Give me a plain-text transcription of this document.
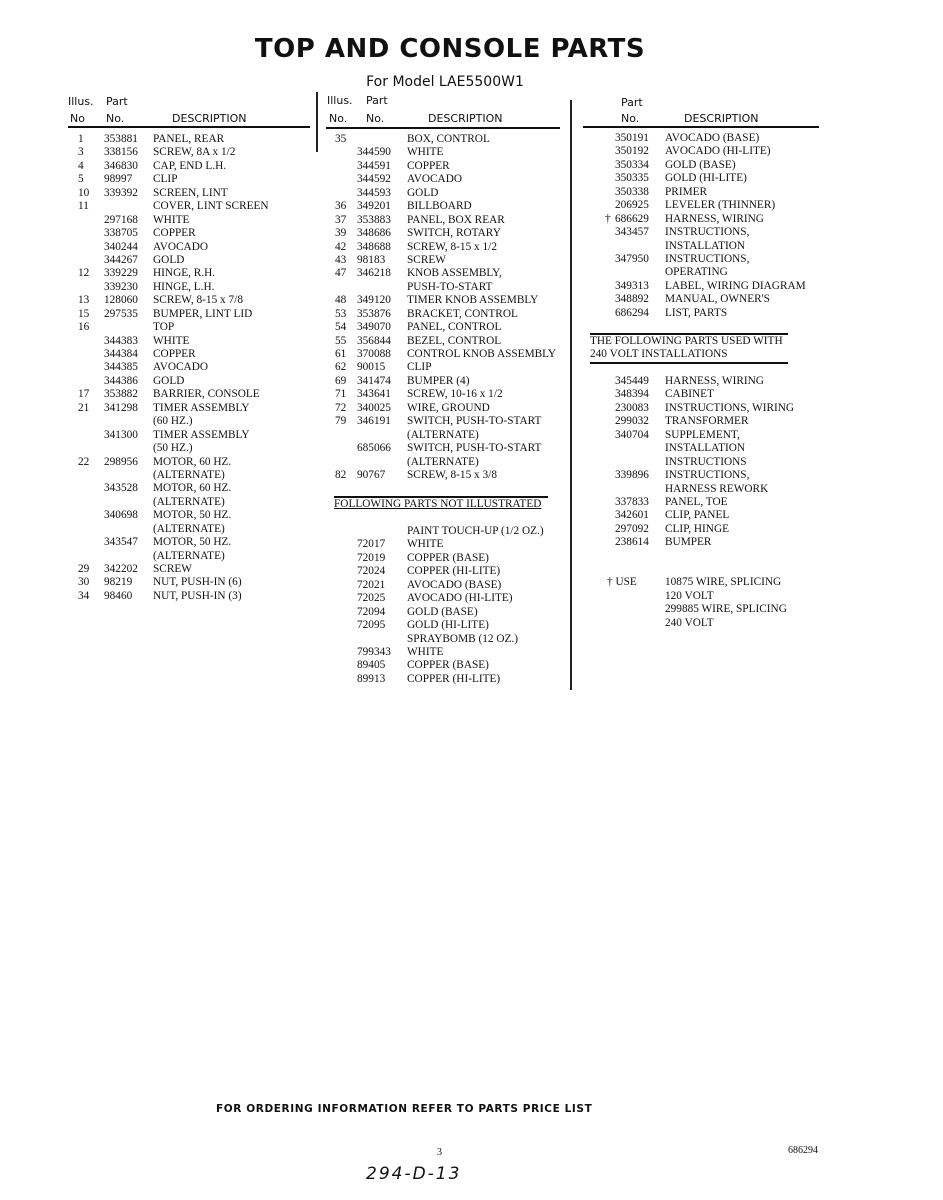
TOP AND CONSOLE PARTS
For Model LAE5500W1
Illus. Part
No No.	DESCRIPTION
Illus. Part
No. No.	DESCRIPTION
Part
No.	DESCRIPTION
1 353881 PANEL, REAR
3 338156 SCREW, 8A x 1/2
4 346830 CAP, END L.H.
5 98997 CLIP
10 339392 SCREEN, LINT
11	COVER, LINT SCREEN
297168 WHITE
338705 COPPER
340244 AVOCADO
344267 GOLD
12 339229 HINGE, R.H.
339230 HINGE, L.H.
13 128060 SCREW, 8-15 x 7/8
15 297535 BUMPER, LINT LID
16	TOP
344383 WHITE
344384 COPPER
344385 AVOCADO
344386 GOLD
17 353882 BARRIER, CONSOLE
21 341298 TIMER ASSEMBLY
(60 HZ.)
341300 TIMER ASSEMBLY
(50 HZ.)
22 298956 MOTOR, 60 HZ.
(ALTERNATE)
343528 MOTOR, 60 HZ.
(ALTERNATE)
340698 MOTOR, 50 HZ.
(ALTERNATE)
343547 MOTOR, 50 HZ.
(ALTERNATE)
29 342202 SCREW
30 98219 NUT, PUSH-IN (6)
34 98460 NUT, PUSH-IN (3)
35	BOX, CONTROL
344590 WHITE
344591 COPPER
344592 AVOCADO
344593 GOLD
36 349201 BILLBOARD
37 353883 PANEL, BOX REAR
39 348686 SWITCH, ROTARY
42 348688 SCREW, 8-15 x 1/2
43 98183 SCREW
47 346218 KNOB ASSEMBLY,
PUSH-TO-START
48 349120 TIMER KNOB ASSEMBLY
53 353876 BRACKET, CONTROL
54 349070 PANEL, CONTROL
55 356844 BEZEL, CONTROL
61 370088 CONTROL KNOB ASSEMBLY
62 90015 CLIP
69 341474 BUMPER (4)
71 343641 SCREW, 10-16 x 1/2
72 340025 WIRE, GROUND
79 346191 SWITCH, PUSH-TO-START
(ALTERNATE)
685066 SWITCH, PUSH-TO-START
(ALTERNATE)
82 90767 SCREW, 8-15 x 3/8
FOLLOWING PARTS NOT ILLUSTRATED
PAINT TOUCH-UP (1/2 OZ.)
72017 WHITE
72019 COPPER (BASE)
72024 COPPER (HI-LITE)
72021 AVOCADO (BASE)
72025 AVOCADO (HI-LITE)
72094 GOLD (BASE)
72095 GOLD (HI-LITE)
SPRAYBOMB (12 OZ.)
799343 WHITE
89405 COPPER (BASE)
89913 COPPER (HI-LITE)
350191 AVOCADO (BASE)
350192 AVOCADO (HI-LITE)
350334 GOLD (BASE)
350335 GOLD (HI-LITE)
350338 PRIMER
206925 LEVELER (THINNER)
† 686629 HARNESS, WIRING
343457 INSTRUCTIONS,
INSTALLATION
347950 INSTRUCTIONS,
OPERATING
349313 LABEL, WIRING DIAGRAM
348892 MANUAL, OWNER'S
686294 LIST, PARTS
THE FOLLOWING PARTS USED WITH
240 VOLT INSTALLATIONS
345449 HARNESS, WIRING
348394 CABINET
230083 INSTRUCTIONS, WIRING
299032 TRANSFORMER
340704 SUPPLEMENT,
INSTALLATION
INSTRUCTIONS
339896 INSTRUCTIONS,
HARNESS REWORK
337833 PANEL, TOE
342601 CLIP, PANEL
297092 CLIP, HINGE
238614 BUMPER
† USE 10875 WIRE, SPLICING
120 VOLT
299885 WIRE, SPLICING
240 VOLT
FOR ORDERING INFORMATION REFER TO PARTS PRICE LIST
3	686294
294-D-13
